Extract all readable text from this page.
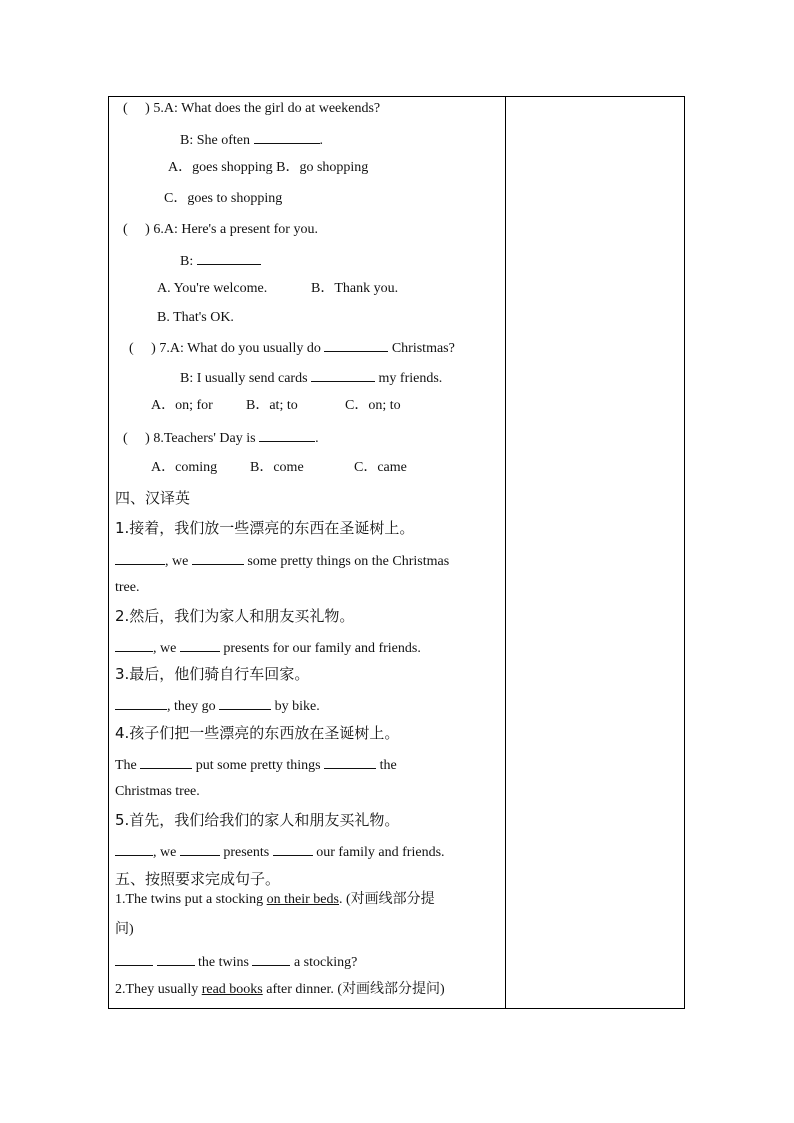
(　 ) 5.A: What does the girl do at weekends?
B: She often	.
A．goes shopping B．go shopping
C．goes to shopping
(　 ) 6.A: Here's a present for you.
B:
A. You're welcome.	B．Thank you.
B. That's OK.
(　 ) 7.A: What do you usually do	Christmas?
B: I usually send cards	my friends.
A．on; for B．at; to	C．on; to
(　 ) 8.Teachers' Day is	.
A．coming B．come	C．came
四、汉译英
1.接着，我们放一些漂亮的东西在圣诞树上。
, we	some pretty things on the Christmas
tree.
2.然后，我们为家人和朋友买礼物。
, we	presents for our family and friends.
3.最后，他们骑自行车回家。
, they go	by bike.
4.孩子们把一些漂亮的东西放在圣诞树上。
The	put some pretty things	the
Christmas tree.
5.首先，我们给我们的家人和朋友买礼物。
, we	presents	our family and friends.
五、按照要求完成句子。
1.The twins put a stocking on their beds. (对画线部分提
问)
the twins	a stocking?
2.They usually read books after dinner. (对画线部分提问)
